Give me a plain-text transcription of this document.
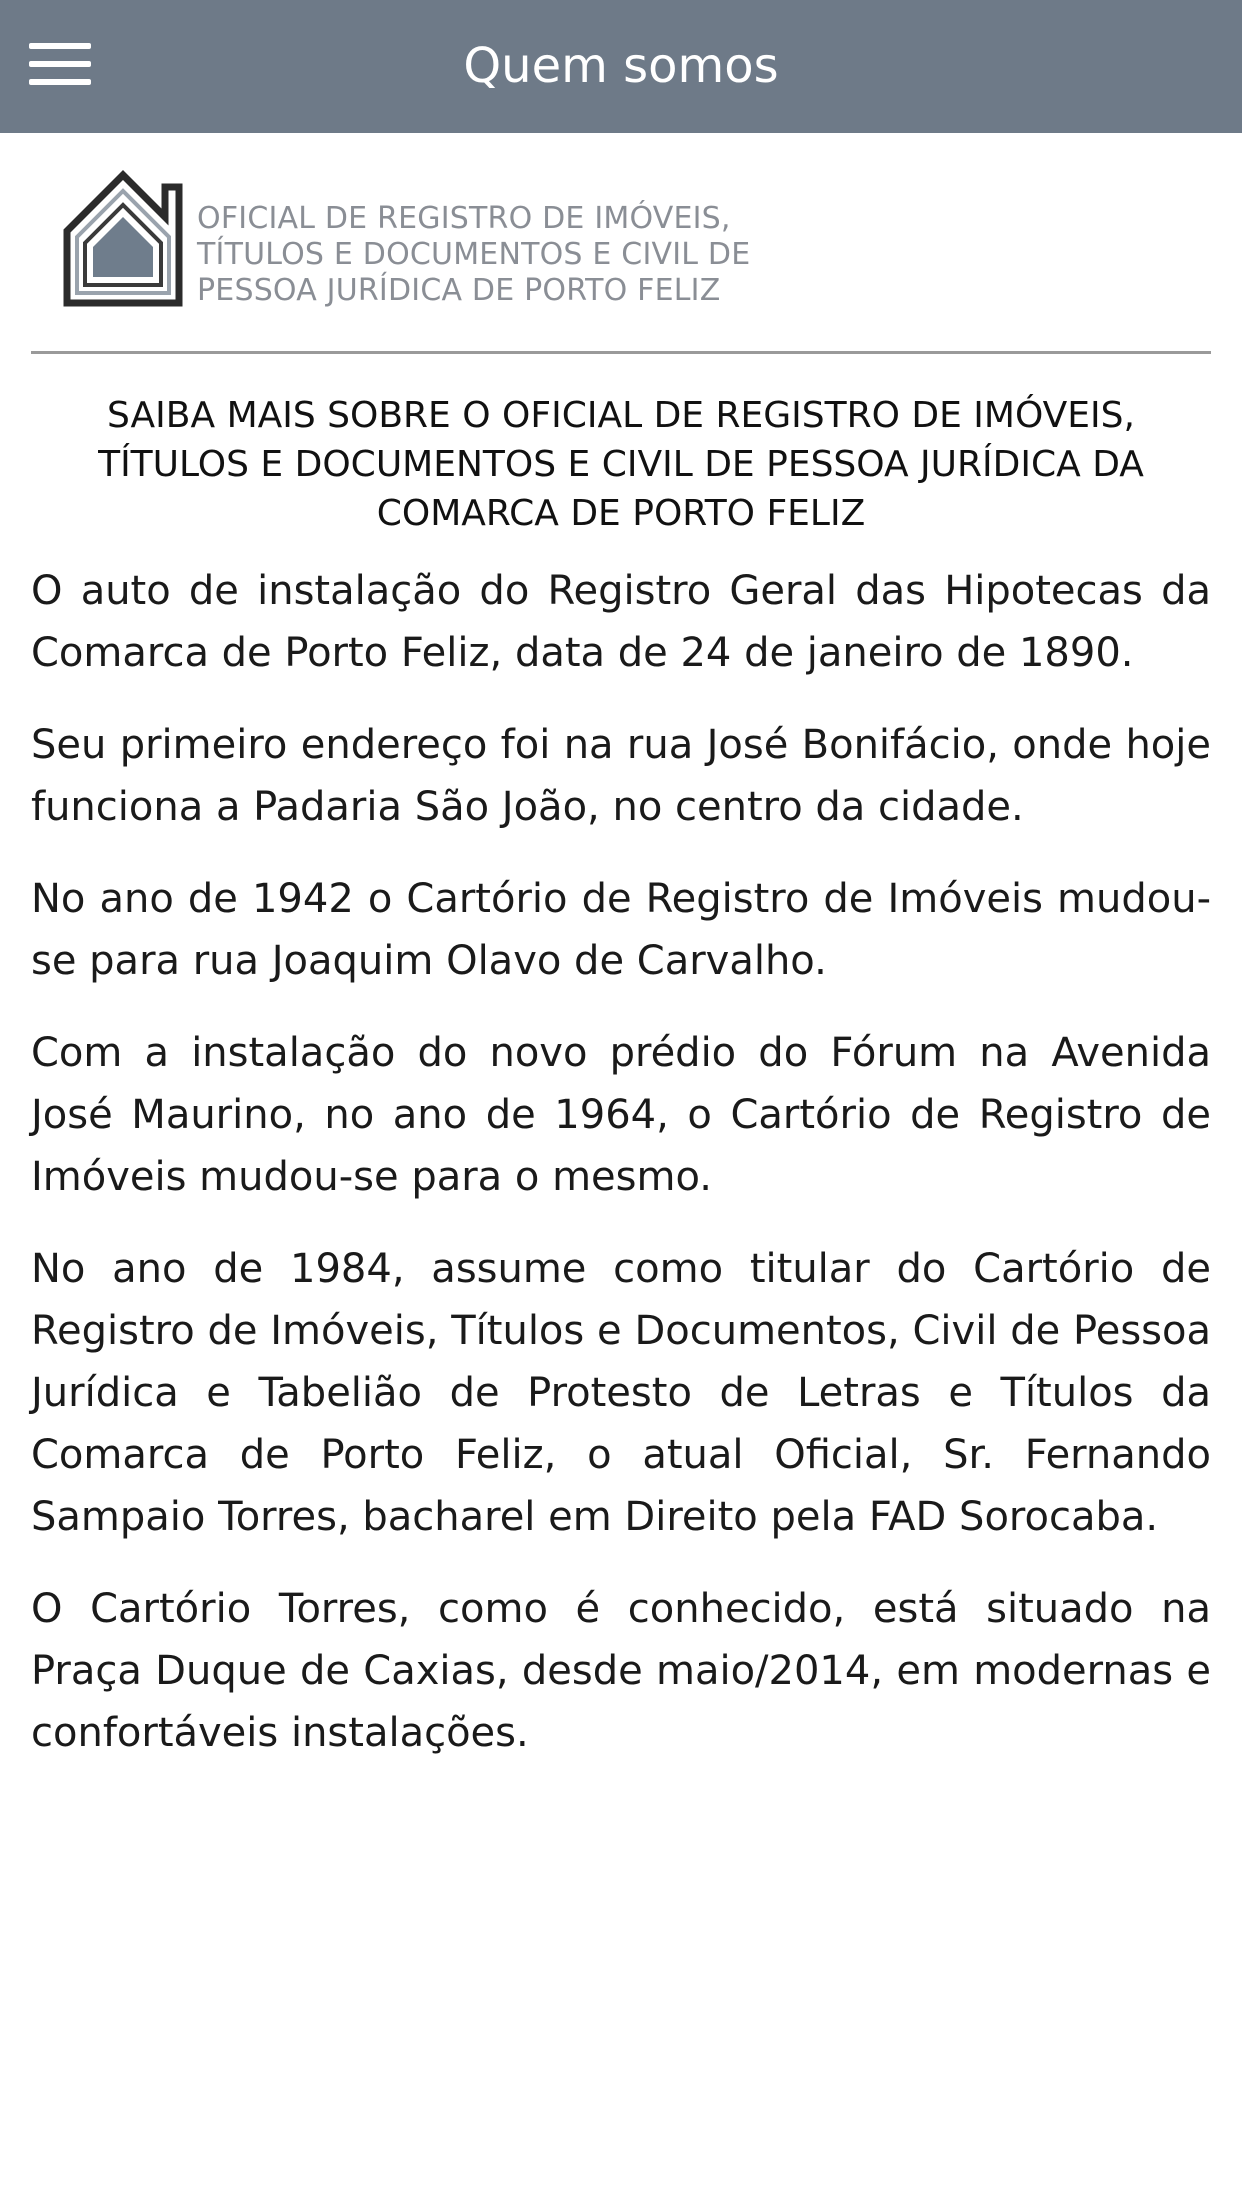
Quem somos
OFICIAL DE REGISTRO DE IMÓVEIS,
TÍTULOS E DOCUMENTOS E CIVIL DE
PESSOA JURÍDICA DE PORTO FELIZ
SAIBA MAIS SOBRE O OFICIAL DE REGISTRO DE IMÓVEIS, TÍTULOS E DOCUMENTOS E CIVIL DE PESSOA JURÍDICA DA COMARCA DE PORTO FELIZ

O auto de instalação do Registro Geral das Hipotecas da Comarca de Porto Feliz, data de 24 de janeiro de 1890.

Seu primeiro endereço foi na rua José Bonifácio, onde hoje funciona a Padaria São João, no centro da cidade.

No ano de 1942 o Cartório de Registro de Imóveis mudou-se para rua Joaquim Olavo de Carvalho.

Com a instalação do novo prédio do Fórum na Avenida José Maurino, no ano de 1964, o Cartório de Registro de Imóveis mudou-se para o mesmo.

No ano de 1984, assume como titular do Cartório de Registro de Imóveis, Títulos e Documentos, Civil de Pessoa Jurídica e Tabelião de Protesto de Letras e Títulos da Comarca de Porto Feliz, o atual Oficial, Sr. Fernando Sampaio Torres, bacharel em Direito pela FAD Sorocaba.

O Cartório Torres, como é conhecido, está situado na Praça Duque de Caxias, desde maio/2014, em modernas e confortáveis instalações.
